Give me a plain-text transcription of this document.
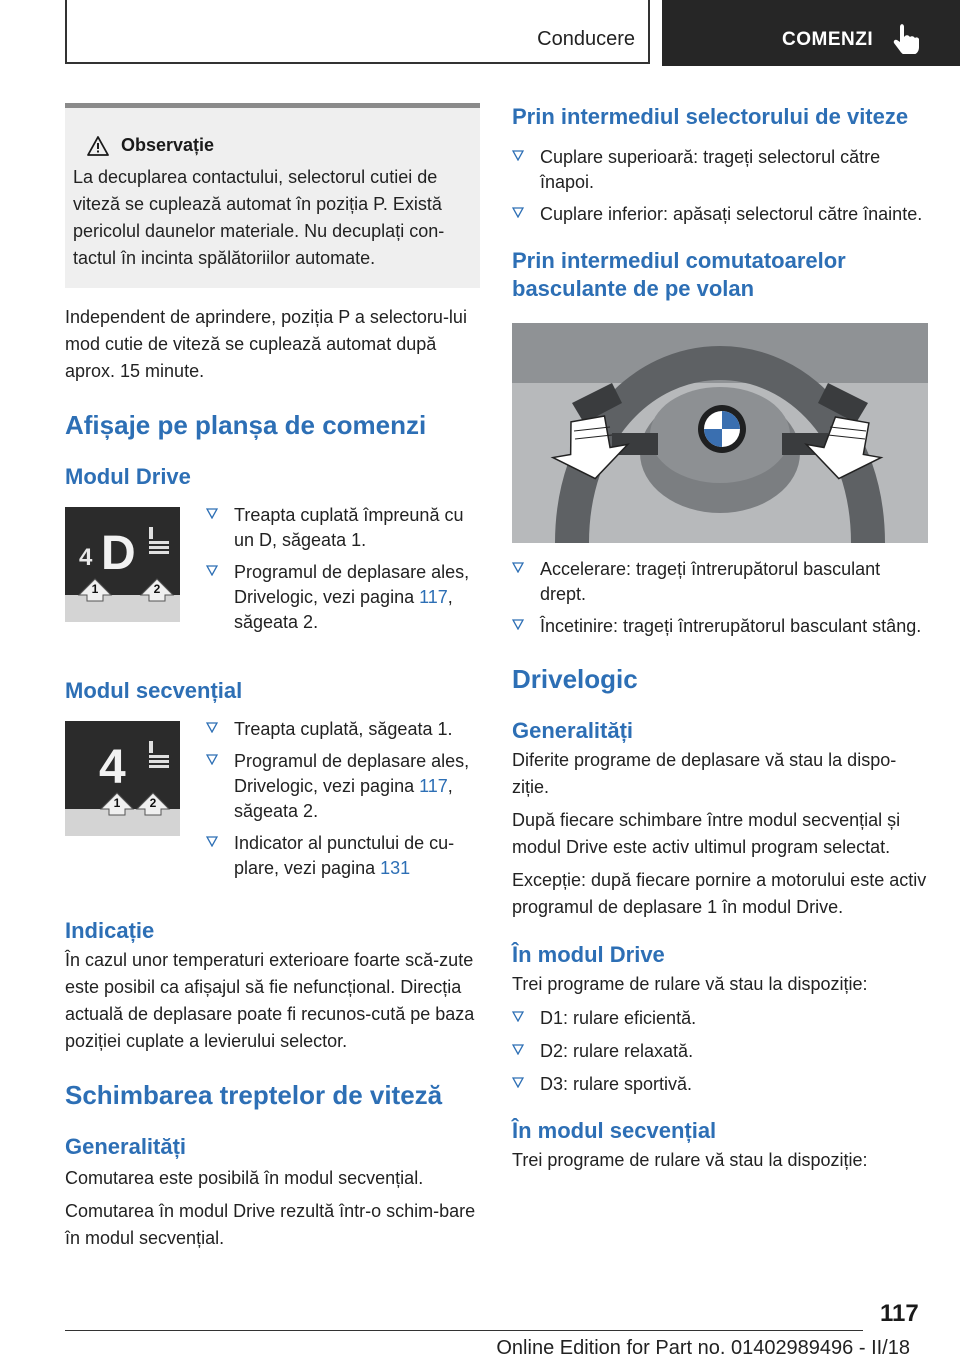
Conducere	COMENZI
Observație
La decuplarea contactului, selectorul cutiei de viteză se cuplează automat în poziția P. Există pericolul daunelor materiale. Nu decuplați con-tactul în incinta spălătoriilor automate.

Independent de aprindere, poziția P a selectoru-lui mod cutie de viteză se cuplează automat după aprox. 15 minute.

Afișaje pe planșa de comenzi
Modul Drive
4 D
1	2
Treapta cuplată împreună cu un D, săgeata 1.
Programul de deplasare ales, Drivelogic, vezi pagina 117, săgeata 2.
Modul secvențial
4
1 2
Treapta cuplată, săgeata 1.
Programul de deplasare ales, Drivelogic, vezi pagina 117, săgeata 2.
Indicator al punctului de cu-plare, vezi pagina 131
Indicație

În cazul unor temperaturi exterioare foarte scă-zute este posibil ca afișajul să fie nefuncțional. Direcția actuală de deplasare poate fi recunos-cută pe baza poziției cuplate a levierului selector.

Schimbarea treptelor de viteză
Generalități

Comutarea este posibilă în modul secvențial.

Comutarea în modul Drive rezultă într-o schim-bare în modul secvențial.

Prin intermediul selectorului de viteze
Cuplare superioară: trageți selectorul către înapoi.
Cuplare inferior: apăsați selectorul către înainte.
Prin intermediul comutatoarelor basculante de pe volan
Accelerare: trageți întrerupătorul basculant drept.
Încetinire: trageți întrerupătorul basculant stâng.
Drivelogic
Generalități

Diferite programe de deplasare vă stau la dispo-ziție.

După fiecare schimbare între modul secvențial și modul Drive este activ ultimul program selectat.

Excepție: după fiecare pornire a motorului este activ programul de deplasare 1 în modul Drive.

În modul Drive

Trei programe de rulare vă stau la dispoziție:

D1: rulare eficientă.
D2: rulare relaxată.
D3: rulare sportivă.
În modul secvențial

Trei programe de rulare vă stau la dispoziție:

117
Online Edition for Part no. 01402989496 - II/18
